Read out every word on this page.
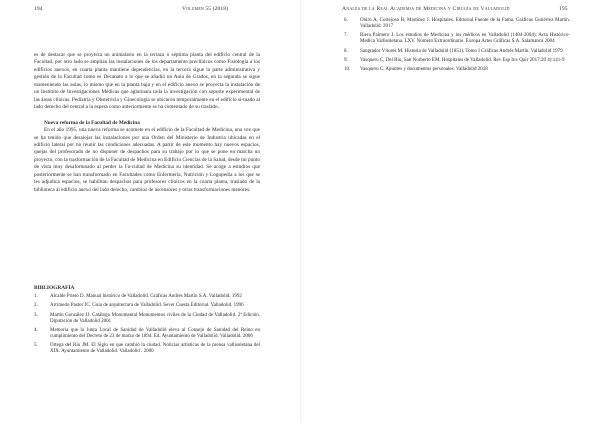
194	Volumen 55 (2018)

es de destacar que se proyecta un animalario en la terraza o séptima planta del edificio central de la Facultad, por otro lado se amplían las instalaciones de los departamento preclínicos como Fisiología a los edificios anexos, en cuarta planta mantiene dependencias, en la tercera sigue la parte administrativa y gestión de la Facultad como es Decanato a lo que se añadió un Aula de Grados, en la segunda se sigue manteniendo las aulas, lo mismo que en la planta baja y en el edificio anexo se proyecta la instalación de un Instituto de Investigaciones Médicas que aglutinara toda la investigación con soporte experimental de las áreas clínicas. Pediatría y Obstetricia y Ginecología se ubicaron temporalmente en el edificio si-tuado al lado derecho del central a la espera como anteriormente se ha comentado de su traslado.

Nueva reforma de la Facultad de Medicina

En el año 1995, una nueva reforma se acomete en el edificio de la Facultad de Medicina, una vez que se ha tenido que desalojar las instalaciones por una Orden del Ministerio de Industria ubicadas en el edificio lateral por no reunir las condiciones adecuadas. A partir de este momento hay nuevos espacios, quejas del profesorado de no disponer de despachos para su trabajo por lo que se pone en marcha un proyecto, con la trasformación de la Facultad de Medicina en Edificio Ciencias de la Salud, desde mi punto de vista muy desafortunado al perder la Fa-cultad de Medicina su identidad. Se acoge a estudios que posteriormente se han transformado en Facultades como Enfermería, Nutrición y Logopedia a los que se les adjudica espacios, se habilitan despachos para profesores clínicos en la cuarta planta, traslado de la biblioteca al edificio anexo del lado derecho, cambios de ascensores y otras transformaciones menores.

BIBLIOGRAFÍA
1. Alcalde Prieto D. Manual histórico de Valladolid. Gráficas Andrés Martín S.A. Valladolid. 1992
2. Arrimedo Pastor JC. Guía de arquitectura de Valladolid. Sever Cuesta Editorial. Valladolid. 1996
3. Martín González JJ. Catálogo Monumental Monumentos civiles de la Ciudad de Valladolid. 2ª Edición. Diputación de Valladolid 2001
4. Memoria que la Junta Local de Sanidad de Valladolid eleva al Consejo de Sanidad del Reino en cumplimiento del Decreto de 23 de marzo de 1894. Ed. Ayuntamiento de Valladolid. Valladolid. 2006
5. Ortega del Río JM. El Siglo en que cambió la ciudad. Noticias artísticas de la prensa vallisoletana del XIX. Ayuntamiento de Valladolid. Valladolid . 2000
Anales de la Real Academia de Medicina y Cirugía de Valladolid	195
6. Oniro A, Cortejoso B, Martínez J. Hospitales. Editorial Fuente de la Fama. Gráficas Gutiérrez Martín. Valladolid. 2017
7. Riera Palmero J. Los estudios de Medicina y los médicos en Valladolid (1404-2004). Acta Histórico-Medica Vallisoletana. LXV. Número Extraordinario. Europa Artes Gráficas S.A. Salamanca 2004
8. Sangrador Vítores M. Historia de Valladolid (1851). Tomo I Gráficas Andrés Martín. Valladolid 1979
9. Vasquero C, Del Río, San Norberto EM. Hospitales de Valladolid. Rev Esp Inv Quir 2017:20 4):141-9
10. Vasquero C. Apuntes y documentos personales. Valladolid 2018
